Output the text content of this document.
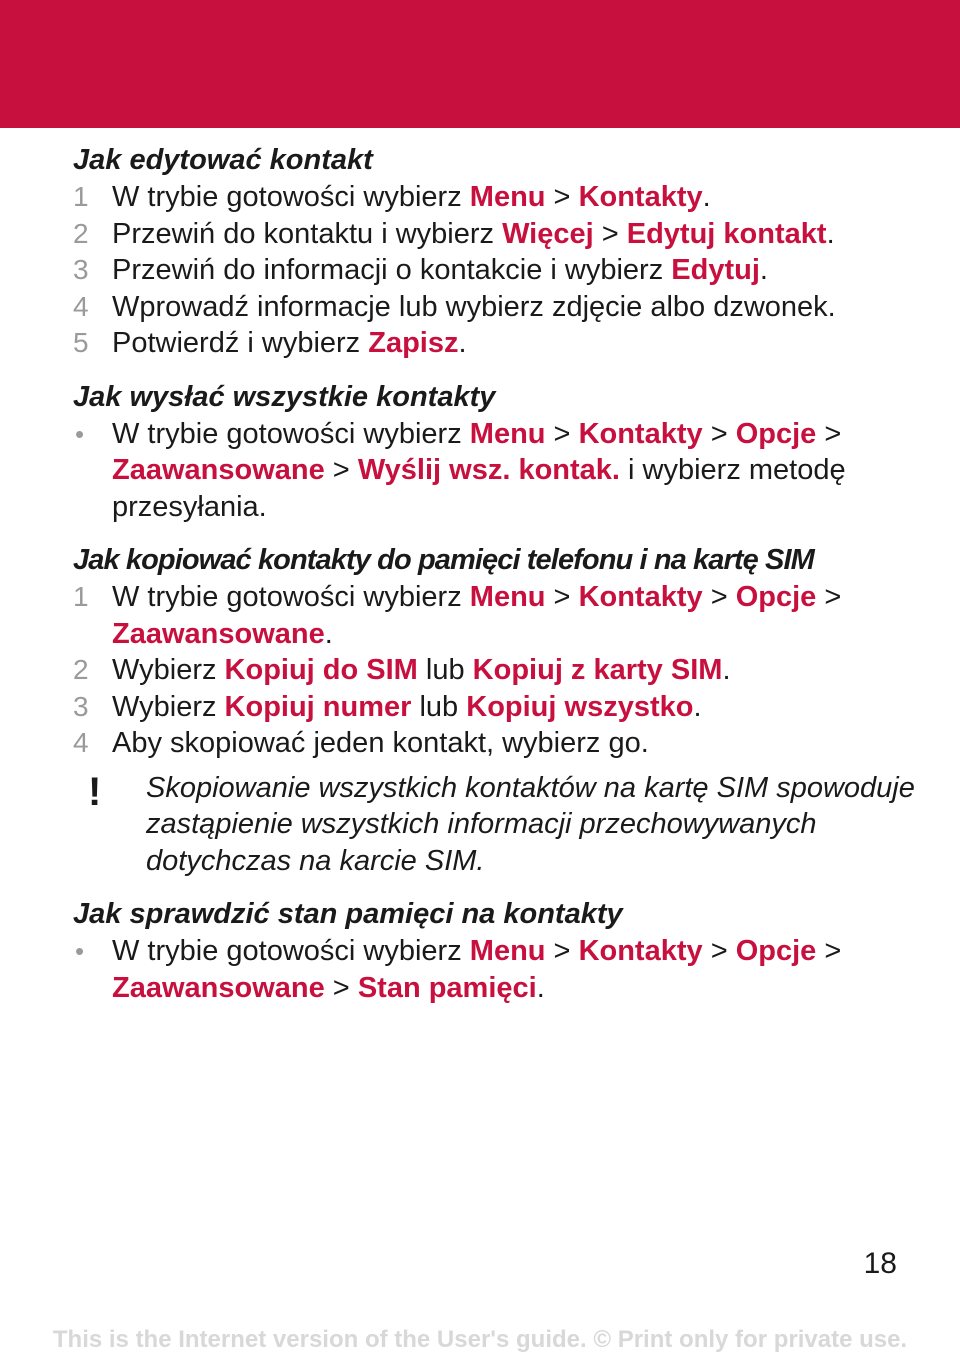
Jak edytować kontakt
1 W trybie gotowości wybierz Menu > Kontakty.
2 Przewiń do kontaktu i wybierz Więcej > Edytuj kontakt.
3 Przewiń do informacji o kontakcie i wybierz Edytuj.
4 Wprowadź informacje lub wybierz zdjęcie albo dzwonek.
5 Potwierdź i wybierz Zapisz.
Jak wysłać wszystkie kontakty
• W trybie gotowości wybierz Menu > Kontakty > Opcje > Zaawansowane > Wyślij wsz. kontak. i wybierz metodę przesyłania.
Jak kopiować kontakty do pamięci telefonu i na kartę SIM
1 W trybie gotowości wybierz Menu > Kontakty > Opcje > Zaawansowane.
2 Wybierz Kopiuj do SIM lub Kopiuj z karty SIM.
3 Wybierz Kopiuj numer lub Kopiuj wszystko.
4 Aby skopiować jeden kontakt, wybierz go.
! Skopiowanie wszystkich kontaktów na kartę SIM spowoduje zastąpienie wszystkich informacji przechowywanych dotychczas na karcie SIM.
Jak sprawdzić stan pamięci na kontakty
• W trybie gotowości wybierz Menu > Kontakty > Opcje > Zaawansowane > Stan pamięci.
18
This is the Internet version of the User's guide. © Print only for private use.
